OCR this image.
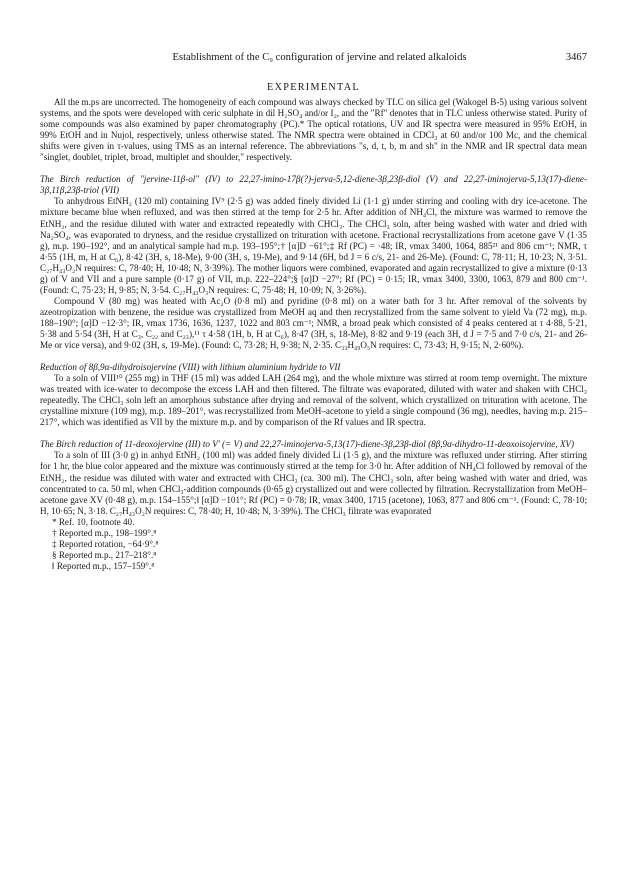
Establishment of the C₉ configuration of jervine and related alkaloids	3467
EXPERIMENTAL

All the m.ps are uncorrected. The homogeneity of each compound was always checked by TLC on silica gel (Wakogel B-5) using various solvent systems, and the spots were developed with ceric sulphate in dil H₂SO₄ and/or I₂, and the "Rf" denotes that in TLC unless otherwise stated. Purity of some compounds was also examined by paper chromatography (PC).* The optical rotations, UV and IR spectra were measured in 95% EtOH, in 99% EtOH and in Nujol, respectively, unless otherwise stated. The NMR spectra were obtained in CDCl₃ at 60 and/or 100 Mc, and the chemical shifts were given in τ-values, using TMS as an internal reference. The abbreviations "s, d, t, b, m and sh" in the NMR and IR spectral data mean "singlet, doublet, triplet, broad, multiplet and shoulder," respectively.

The Birch reduction of "jervine-11β-ol" (IV) to 22,27-imino-17β(?)-jerva-5,12-diene-3β,23β-diol (V) and 22,27-iminojerva-5,13(17)-diene-3β,11β,23β-triol (VII)

To anhydrous EtNH₂ (120 ml) containing IV⁹ (2·5 g) was added finely divided Li (1·1 g) under stirring and cooling with dry ice-acetone. The mixture became blue when refluxed, and was then stirred at the temp for 2·5 hr. After addition of NH₄Cl, the mixture was warmed to remove the EtNH₂, and the residue diluted with water and extracted repeatedly with CHCl₃. The CHCl₃ soln, after being washed with water and dried with Na₂SO₄, was evaporated to dryness, and the residue crystallized on trituration with acetone. Fractional recrystallizations from acetone gave V (1·35 g), m.p. 190–192°, and an analytical sample had m.p. 193–195°;† [α]D −61°;‡ Rf (PC) = ·48; IR, νmax 3400, 1064, 885²¹ and 806 cm⁻¹; NMR, τ 4·55 (1H, m, H at C₆), 8·42 (3H, s, 18-Me), 9·00 (3H, s, 19-Me), and 9·14 (6H, bd J = 6 c/s, 21- and 26-Me). (Found: C, 78·11; H, 10·23; N, 3·51. C₂₇H₄₃O₂N requires: C, 78·40; H, 10·48; N, 3·39%). The mother liquors were combined, evaporated and again recrystallized to give a mixture (0·13 g) of V and VII and a pure sample (0·17 g) of VII, m.p. 222–224°;§ [α]D −27°; Rf (PC) = 0·15; IR, νmax 3400, 3300, 1063, 879 and 800 cm⁻¹. (Found: C, 75·23; H, 9·85; N, 3·54. C₂₇H₄₃O₃N requires: C, 75·48; H, 10·09; N, 3·26%).

Compound V (80 mg) was heated with Ac₂O (0·8 ml) and pyridine (0·8 ml) on a water bath for 3 hr. After removal of the solvents by azeotropization with benzene, the residue was crystallized from MeOH aq and then recrystallized from the same solvent to yield Va (72 mg), m.p. 188–190°; [α]D −12·3°; IR, νmax 1736, 1636, 1237, 1022 and 803 cm⁻¹; NMR, a broad peak which consisted of 4 peaks centered at τ 4·88, 5·21, 5·38 and 5·54 (3H, H at C₃, C₂₂ and C₂₃),¹¹ τ 4·58 (1H, b, H at C₆), 8·47 (3H, s, 18-Me), 8·82 and 9·19 (each 3H, d J = 7·5 and 7·0 c/s, 21- and 26-Me or vice versa), and 9·02 (3H, s, 19-Me). (Found: C, 73·28; H, 9·38; N, 2·35. C₃₃H₄₉O₅N requires: C, 73·43; H, 9·15; N, 2·60%).

Reduction of 8β,9α-dihydroisojervine (VIII) with lithium aluminium hydride to VII

To a soln of VIII¹⁰ (255 mg) in THF (15 ml) was added LAH (264 mg), and the whole mixture was stirred at room temp overnight. The mixture was treated with ice-water to decompose the excess LAH and then filtered. The filtrate was evaporated, diluted with water and shaken with CHCl₃ repeatedly. The CHCl₃ soln left an amorphous substance after drying and removal of the solvent, which crystallized on trituration with acetone. The crystalline mixture (109 mg), m.p. 189–201°, was recrystallized from MeOH–acetone to yield a single compound (36 mg), needles, having m.p. 215–217°, which was identified as VII by the mixture m.p. and by comparison of the Rf values and IR spectra.

The Birch reduction of 11-deoxojervine (III) to V' (= V) and 22,27-iminojerva-5,13(17)-diene-3β,23β-diol (8β,9α-dihydro-11-deoxoisojervine, XV)

To a soln of III (3·0 g) in anhyd EtNH₂ (100 ml) was added finely divided Li (1·5 g), and the mixture was refluxed under stirring. After stirring for 1 hr, the blue color appeared and the mixture was continuously stirred at the temp for 3·0 hr. After addition of NH₄Cl followed by removal of the EtNH₂, the residue was diluted with water and extracted with CHCl₃ (ca. 300 ml). The CHCl₃ soln, after being washed with water and dried, was concentrated to ca. 50 ml, when CHCl₃-addition compounds (0·65 g) crystallized out and were collected by filtration. Recrystallization from MeOH–acetone gave XV (0·48 g), m.p. 154–155°;‖ [α]D −101°; Rf (PC) = 0·78; IR, νmax 3400, 1715 (acetone), 1063, 877 and 806 cm⁻¹. (Found: C, 78·10; H, 10·65; N, 3·18. C₂₇H₄₃O₂N requires: C, 78·40; H, 10·48; N, 3·39%). The CHCl₃ filtrate was evaporated

* Ref. 10, footnote 40.

† Reported m.p., 198–199°.⁸

‡ Reported rotation, −64·9°.⁸

§ Reported m.p., 217–218°.⁸

‖ Reported m.p., 157–159°.⁸
